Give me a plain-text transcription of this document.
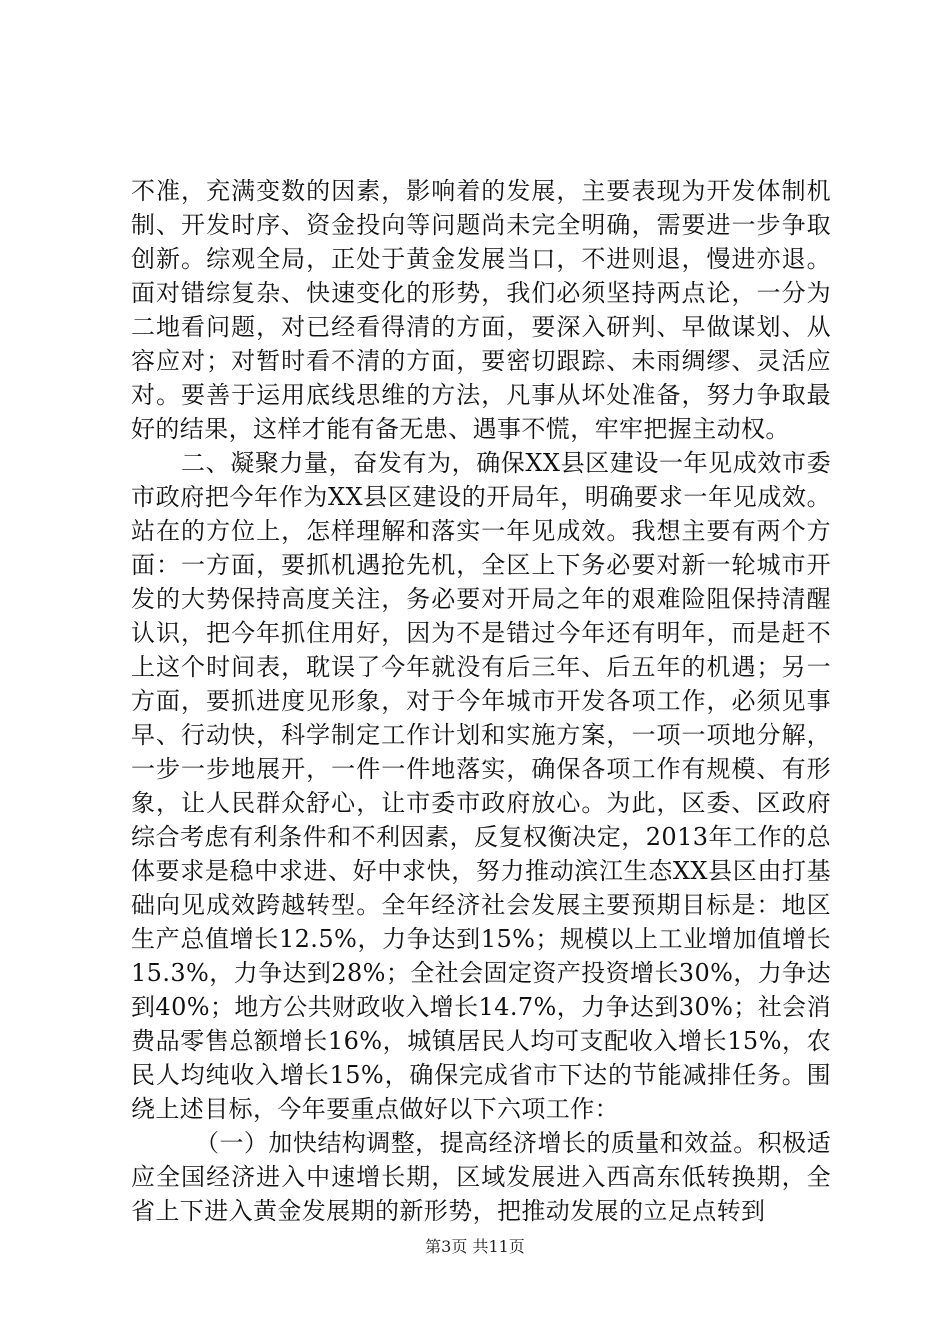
不准，充满变数的因素，影响着的发展，主要表现为开发体制机制、开发时序、资金投向等问题尚未完全明确，需要进一步争取创新。综观全局，正处于黄金发展当口，不进则退，慢进亦退。面对错综复杂、快速变化的形势，我们必须坚持两点论，一分为二地看问题，对已经看得清的方面，要深入研判、早做谋划、从容应对；对暂时看不清的方面，要密切跟踪、未雨绸缪、灵活应对。要善于运用底线思维的方法，凡事从坏处准备，努力争取最好的结果，这样才能有备无患、遇事不慌，牢牢把握主动权。

二、凝聚力量，奋发有为，确保XX县区建设一年见成效市委市政府把今年作为XX县区建设的开局年，明确要求一年见成效。站在的方位上，怎样理解和落实一年见成效。我想主要有两个方面：一方面，要抓机遇抢先机，全区上下务必要对新一轮城市开发的大势保持高度关注，务必要对开局之年的艰难险阻保持清醒认识，把今年抓住用好，因为不是错过今年还有明年，而是赶不上这个时间表，耽误了今年就没有后三年、后五年的机遇；另一方面，要抓进度见形象，对于今年城市开发各项工作，必须见事早、行动快，科学制定工作计划和实施方案，一项一项地分解，一步一步地展开，一件一件地落实，确保各项工作有规模、有形象，让人民群众舒心，让市委市政府放心。为此，区委、区政府综合考虑有利条件和不利因素，反复权衡决定，2013年工作的总体要求是稳中求进、好中求快，努力推动滨江生态XX县区由打基础向见成效跨越转型。全年经济社会发展主要预期目标是：地区生产总值增长12.5%，力争达到15%；规模以上工业增加值增长15.3%，力争达到28%；全社会固定资产投资增长30%，力争达到40%；地方公共财政收入增长14.7%，力争达到30%；社会消费品零售总额增长16%，城镇居民人均可支配收入增长15%，农民人均纯收入增长15%，确保完成省市下达的节能减排任务。围绕上述目标，今年要重点做好以下六项工作：

（一）加快结构调整，提高经济增长的质量和效益。积极适应全国经济进入中速增长期，区域发展进入西高东低转换期，全省上下进入黄金发展期的新形势，把推动发展的立足点转到

第3页 共11页
